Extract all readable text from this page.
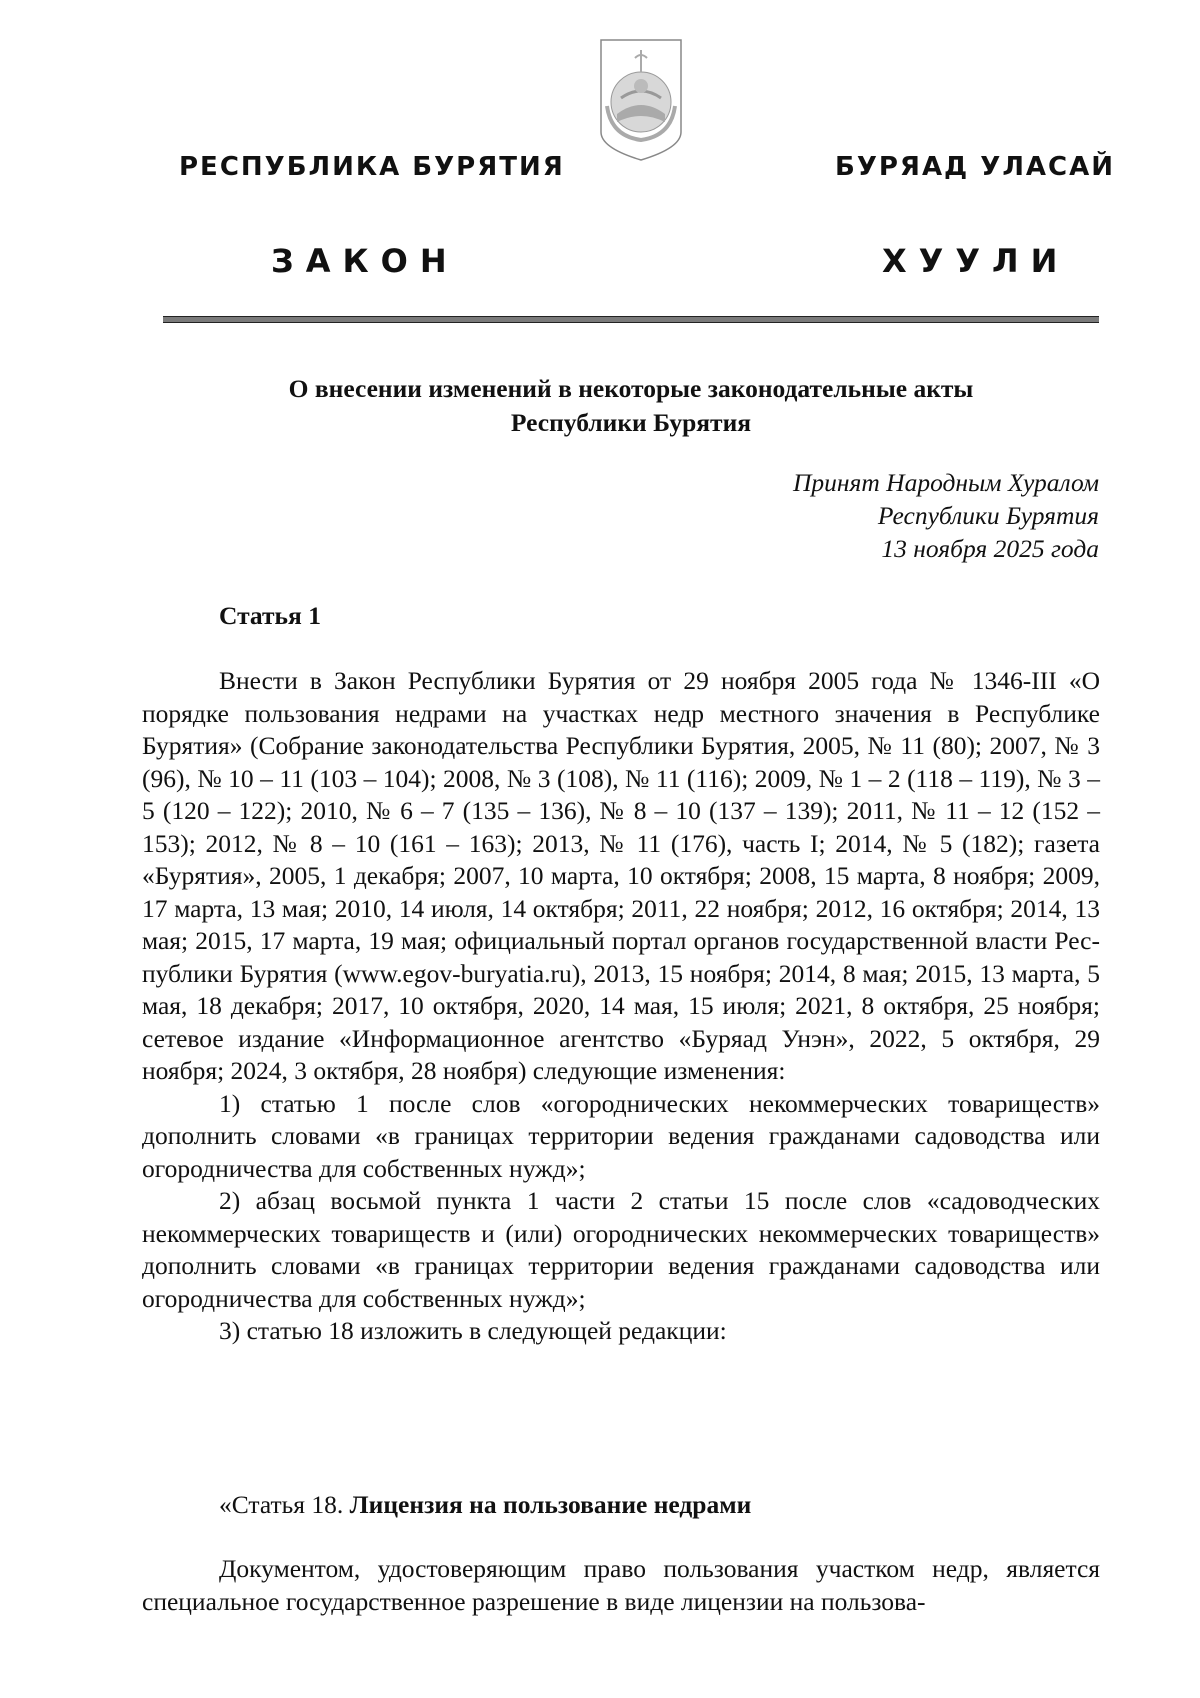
РЕСПУБЛИКА БУРЯТИЯ	БУРЯАД УЛАСАЙ
ЗАКОН	ХУУЛИ
О внесении изменений в некоторые законодательные акты
Республики Бурятия
Принят Народным Хуралом
Республики Бурятия
13 ноября 2025 года
Статья 1

Внести в Закон Республики Бурятия от 29 ноября 2005 года № 1346-III «О порядке пользования недрами на участках недр местного значения в Республике Бурятия» (Собрание законодательства Республики Бурятия, 2005, № 11 (80); 2007, № 3 (96), № 10 – 11 (103 – 104); 2008, № 3 (108), № 11 (116); 2009, № 1 – 2 (118 – 119), № 3 – 5 (120 – 122); 2010, № 6 – 7 (135 – 136), № 8 – 10 (137 – 139); 2011, № 11 – 12 (152 – 153); 2012, № 8 – 10 (161 – 163); 2013, № 11 (176), часть I; 2014, № 5 (182); газета «Бурятия», 2005, 1 декабря; 2007, 10 марта, 10 октября; 2008, 15 марта, 8 ноября; 2009, 17 марта, 13 мая; 2010, 14 июля, 14 октября; 2011, 22 ноября; 2012, 16 октября; 2014, 13 мая; 2015, 17 марта, 19 мая; официальный портал органов государственной власти Республики Бурятия (www.egov-buryatia.ru), 2013, 15 ноября; 2014, 8 мая; 2015, 13 марта, 5 мая, 18 декабря; 2017, 10 октября, 2020, 14 мая, 15 июля; 2021, 8 октября, 25 ноября; сетевое издание «Информационное агентство «Буряад Унэн», 2022, 5 октября, 29 ноября; 2024, 3 октября, 28 ноября) следующие изменения:

1) статью 1 после слов «огороднических некоммерческих товариществ» дополнить словами «в границах территории ведения гражданами садоводства или огородничества для собственных нужд»;

2) абзац восьмой пункта 1 части 2 статьи 15 после слов «садоводческих некоммерческих товариществ и (или) огороднических некоммерческих товариществ» дополнить словами «в границах территории ведения гражданами садоводства или огородничества для собственных нужд»;

3) статью 18 изложить в следующей редакции:

«Статья 18. Лицензия на пользование недрами

Документом, удостоверяющим право пользования участком недр, является специальное государственное разрешение в виде лицензии на пользова-
